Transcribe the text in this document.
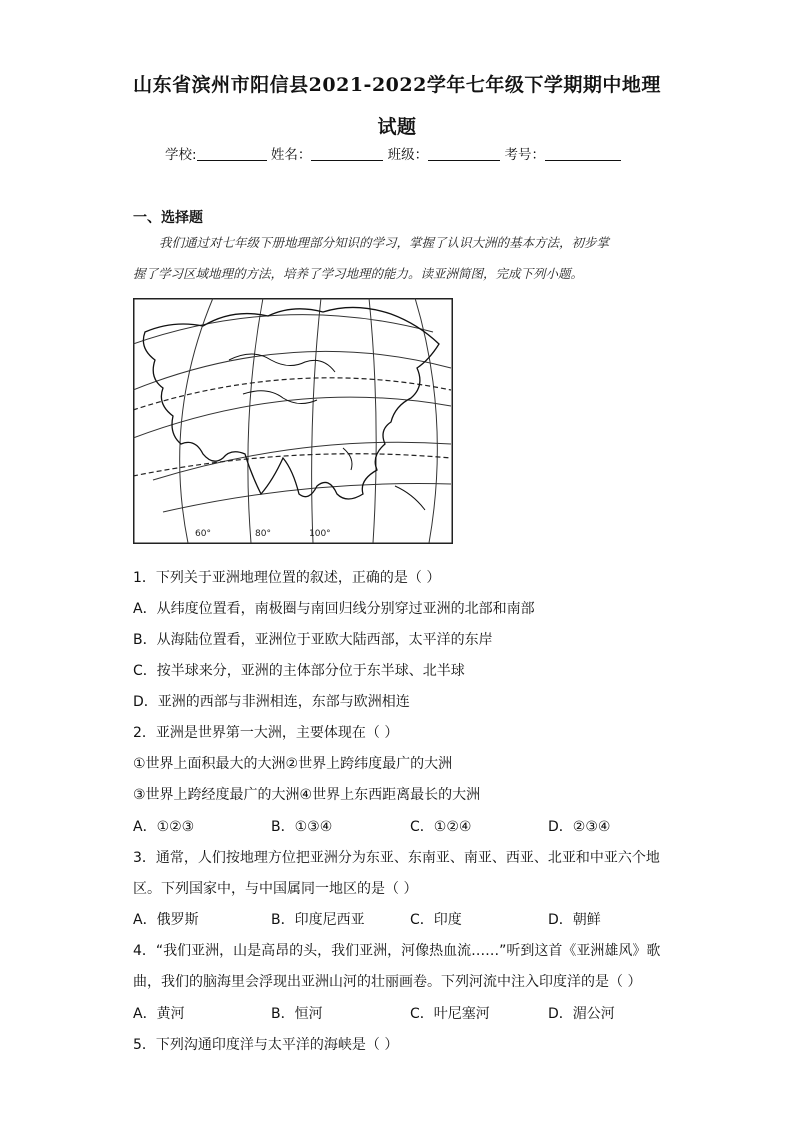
山东省滨州市阳信县2021-2022学年七年级下学期期中地理
试题
学校:	姓名：	班级：	考号：
一、选择题
我们通过对七年级下册地理部分知识的学习，掌握了认识大洲的基本方法，初步掌
握了学习区域地理的方法，培养了学习地理的能力。读亚洲简图，完成下列小题。
60°	80°	100°
1．下列关于亚洲地理位置的叙述，正确的是（ ）
A．从纬度位置看，南极圈与南回归线分别穿过亚洲的北部和南部
B．从海陆位置看，亚洲位于亚欧大陆西部，太平洋的东岸
C．按半球来分，亚洲的主体部分位于东半球、北半球
D．亚洲的西部与非洲相连，东部与欧洲相连
2．亚洲是世界第一大洲，主要体现在（ ）
①世界上面积最大的大洲②世界上跨纬度最广的大洲
③世界上跨经度最广的大洲④世界上东西距离最长的大洲
A．①②③	B．①③④	C．①②④	D．②③④
3．通常，人们按地理方位把亚洲分为东亚、东南亚、南亚、西亚、北亚和中亚六个地
区。下列国家中，与中国属同一地区的是（ ）
A．俄罗斯	B．印度尼西亚	C．印度	D．朝鲜
4．“我们亚洲，山是高昂的头，我们亚洲，河像热血流……”听到这首《亚洲雄风》歌
曲，我们的脑海里会浮现出亚洲山河的壮丽画卷。下列河流中注入印度洋的是（ ）
A．黄河	B．恒河	C．叶尼塞河	D．湄公河
5．下列沟通印度洋与太平洋的海峡是（ ）
